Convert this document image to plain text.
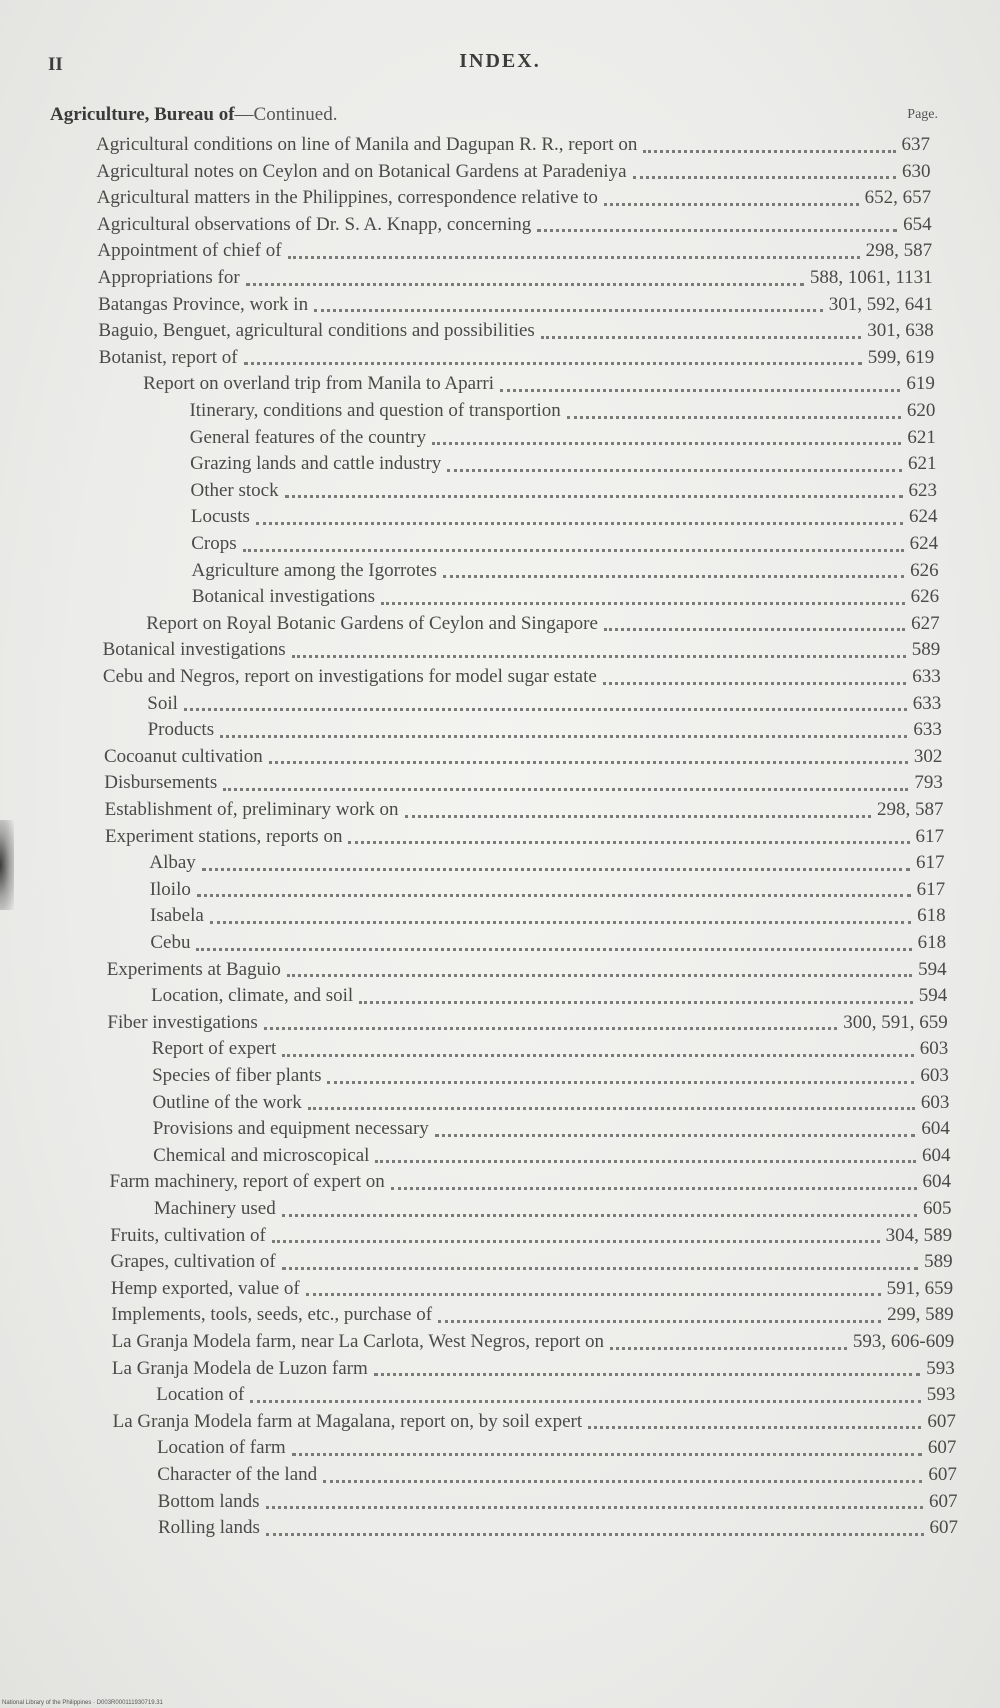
II	INDEX.
Agriculture, Bureau of—Continued.	Page.
Agricultural conditions on line of Manila and Dagupan R. R., report on	637
Agricultural notes on Ceylon and on Botanical Gardens at Paradeniya	630
Agricultural matters in the Philippines, correspondence relative to	652, 657
Agricultural observations of Dr. S. A. Knapp, concerning	654
Appointment of chief of	298, 587
Appropriations for	588, 1061, 1131
Batangas Province, work in	301, 592, 641
Baguio, Benguet, agricultural conditions and possibilities	301, 638
Botanist, report of	599, 619
Report on overland trip from Manila to Aparri	619
Itinerary, conditions and question of transportion	620
General features of the country	621
Grazing lands and cattle industry	621
Other stock	623
Locusts	624
Crops	624
Agriculture among the Igorrotes	626
Botanical investigations	626
Report on Royal Botanic Gardens of Ceylon and Singapore	627
Botanical investigations	589
Cebu and Negros, report on investigations for model sugar estate	633
Soil	633
Products	633
Cocoanut cultivation	302
Disbursements	793
Establishment of, preliminary work on	298, 587
Experiment stations, reports on	617
Albay	617
Iloilo	617
Isabela	618
Cebu	618
Experiments at Baguio	594
Location, climate, and soil	594
Fiber investigations	300, 591, 659
Report of expert	603
Species of fiber plants	603
Outline of the work	603
Provisions and equipment necessary	604
Chemical and microscopical	604
Farm machinery, report of expert on	604
Machinery used	605
Fruits, cultivation of	304, 589
Grapes, cultivation of	589
Hemp exported, value of	591, 659
Implements, tools, seeds, etc., purchase of	299, 589
La Granja Modela farm, near La Carlota, West Negros, report on	593, 606-609
La Granja Modela de Luzon farm	593
Location of	593
La Granja Modela farm at Magalana, report on, by soil expert	607
Location of farm	607
Character of the land	607
Bottom lands	607
Rolling lands	607
National Library of the Philippines · D003R000111930719.31
